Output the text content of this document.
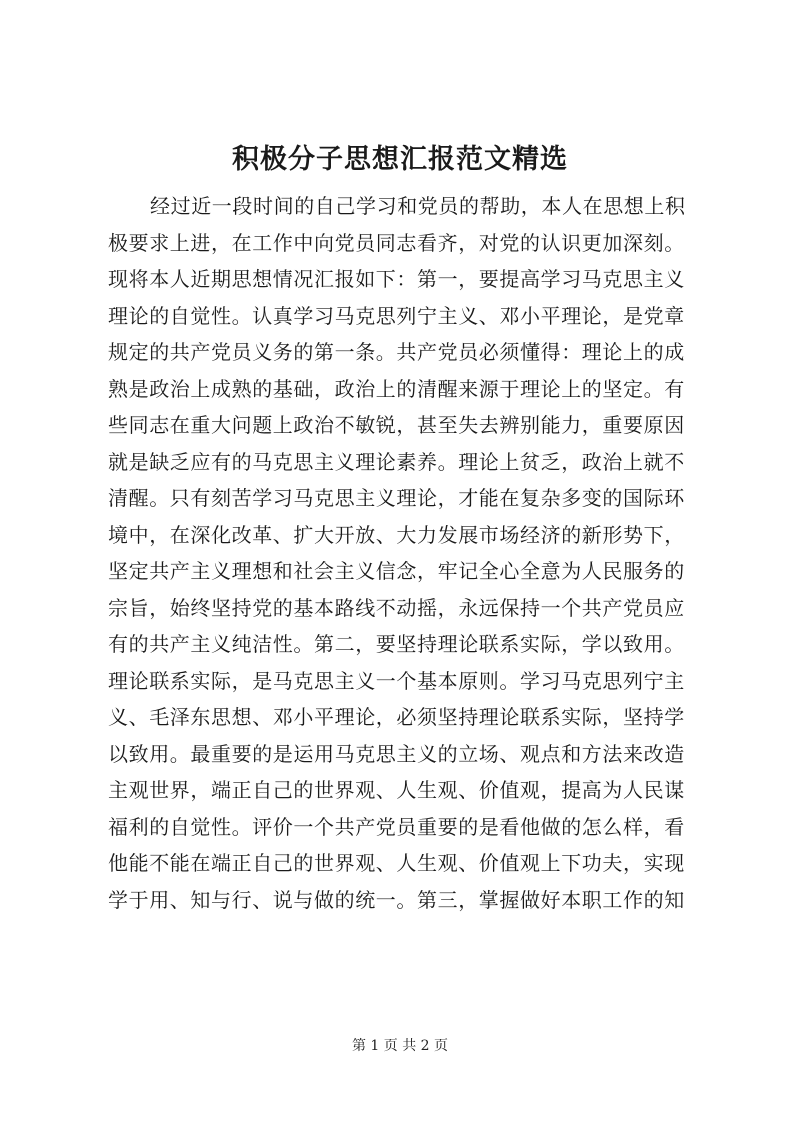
积极分子思想汇报范文精选
经过近一段时间的自己学习和党员的帮助，本人在思想上积
极要求上进，在工作中向党员同志看齐，对党的认识更加深刻。
现将本人近期思想情况汇报如下：第一，要提高学习马克思主义
理论的自觉性。认真学习马克思列宁主义、邓小平理论，是党章
规定的共产党员义务的第一条。共产党员必须懂得：理论上的成
熟是政治上成熟的基础，政治上的清醒来源于理论上的坚定。有
些同志在重大问题上政治不敏锐，甚至失去辨别能力，重要原因
就是缺乏应有的马克思主义理论素养。理论上贫乏，政治上就不
清醒。只有刻苦学习马克思主义理论，才能在复杂多变的国际环
境中，在深化改革、扩大开放、大力发展市场经济的新形势下，
坚定共产主义理想和社会主义信念，牢记全心全意为人民服务的
宗旨，始终坚持党的基本路线不动摇，永远保持一个共产党员应
有的共产主义纯洁性。第二，要坚持理论联系实际，学以致用。
理论联系实际，是马克思主义一个基本原则。学习马克思列宁主
义、毛泽东思想、邓小平理论，必须坚持理论联系实际，坚持学
以致用。最重要的是运用马克思主义的立场、观点和方法来改造
主观世界，端正自己的世界观、人生观、价值观，提高为人民谋
福利的自觉性。评价一个共产党员重要的是看他做的怎么样，看
他能不能在端正自己的世界观、人生观、价值观上下功夫，实现
学于用、知与行、说与做的统一。第三，掌握做好本职工作的知
第 1 页 共 2 页
